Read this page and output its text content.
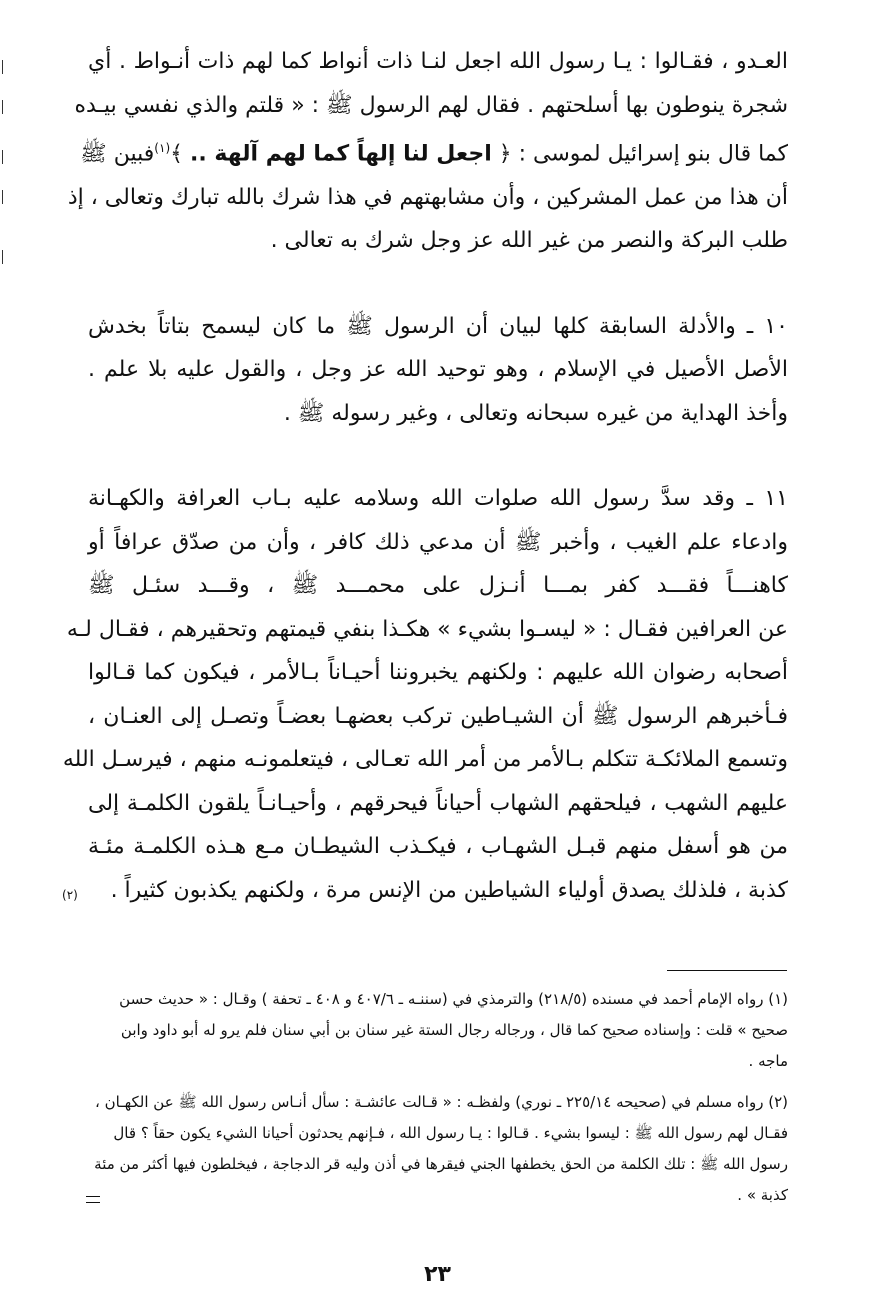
العـدو ، فقـالوا : يـا رسول الله اجعل لنـا ذات أنواط كما لهم ذات أنـواط . أي
شجرة ينوطون بها أسلحتهم . فقال لهم الرسول ﷺ : « قلتم والذي نفسي بيـده
كما قال بنو إسرائيل لموسى : ﴿ اجعل لنا إلهاً كما لهم آلهة .. ﴾$^{(١)}$فبين ﷺ
أن هذا من عمل المشركين ، وأن مشابهتهم في هذا شرك بالله تبارك وتعالى ، إذ
طلب البركة والنصر من غير الله عز وجل شرك به تعالى .

١٠ ـ والأدلة السابقة كلها لبيان أن الرسول ﷺ ما كان ليسمح بتاتاً بخدش
الأصل الأصيل في الإسلام ، وهو توحيد الله عز وجل ، والقول عليه بلا علم .
وأخذ الهداية من غيره سبحانه وتعالى ، وغير رسوله ﷺ .

١١ ـ وقد سدَّ رسول الله صلوات الله وسلامه عليه بـاب العرافة والكهـانة
وادعاء علم الغيب ، وأخبر ﷺ أن مدعي ذلك كافر ، وأن من صدّق عرافاً أو
كاهنـــاً فقـــد كفر بمـــا أنـزل على محمـــد ﷺ ، وقـــد سئـل ﷺ
عن العرافين فقـال : « ليسـوا بشيء » هكـذا بنفي قيمتهم وتحقيرهم ، فقـال لـه
أصحابه رضوان الله عليهم : ولكنهم يخبروننا أحيـاناً بـالأمر ، فيكون كما قـالوا
فـأخبرهم الرسول ﷺ أن الشيـاطين تركب بعضهـا بعضـاً وتصـل إلى العنـان ،
وتسمع الملائكـة تتكلم بـالأمر من أمر الله تعـالى ، فيتعلمونـه منهم ، فيرسـل الله
عليهم الشهب ، فيلحقهم الشهاب أحياناً فيحرقهم ، وأحيـانـاً يلقون الكلمـة إلى
من هو أسفل منهم قبـل الشهـاب ، فيكـذب الشيطـان مـع هـذه الكلمـة مئـة
كذبة ، فلذلك يصدق أولياء الشياطين من الإنس مرة ، ولكنهم يكذبون كثيراً .

(٢)

(١) رواه الإمام أحمد في مسنده (٢١٨/٥) والترمذي في (سننـه ـ ٤٠٧/٦ و ٤٠٨ ـ تحفة ) وقـال : « حديث حسن صحيح » قلت : وإسناده صحيح كما قال ، ورجاله رجال الستة غير سنان بن أبي سنان فلم يرو له أبو داود وابن ماجه .

(٢) رواه مسلم في (صحيحه ٢٢٥/١٤ ـ نوري) ولفظـه : « قـالت عائشـة : سأل أنـاس رسول الله ﷺ عن الكهـان ، فقـال لهم رسول الله ﷺ : ليسوا بشيء . قـالوا : يـا رسول الله ، فـإنهم يحدثون أحيانا الشيء يكون حقاً ؟ قال رسول الله ﷺ : تلك الكلمة من الحق يخطفها الجني فيقرها في أذن وليه قر الدجاجة ، فيخلطون فيها أكثر من مئة كذبة » .

٢٣
